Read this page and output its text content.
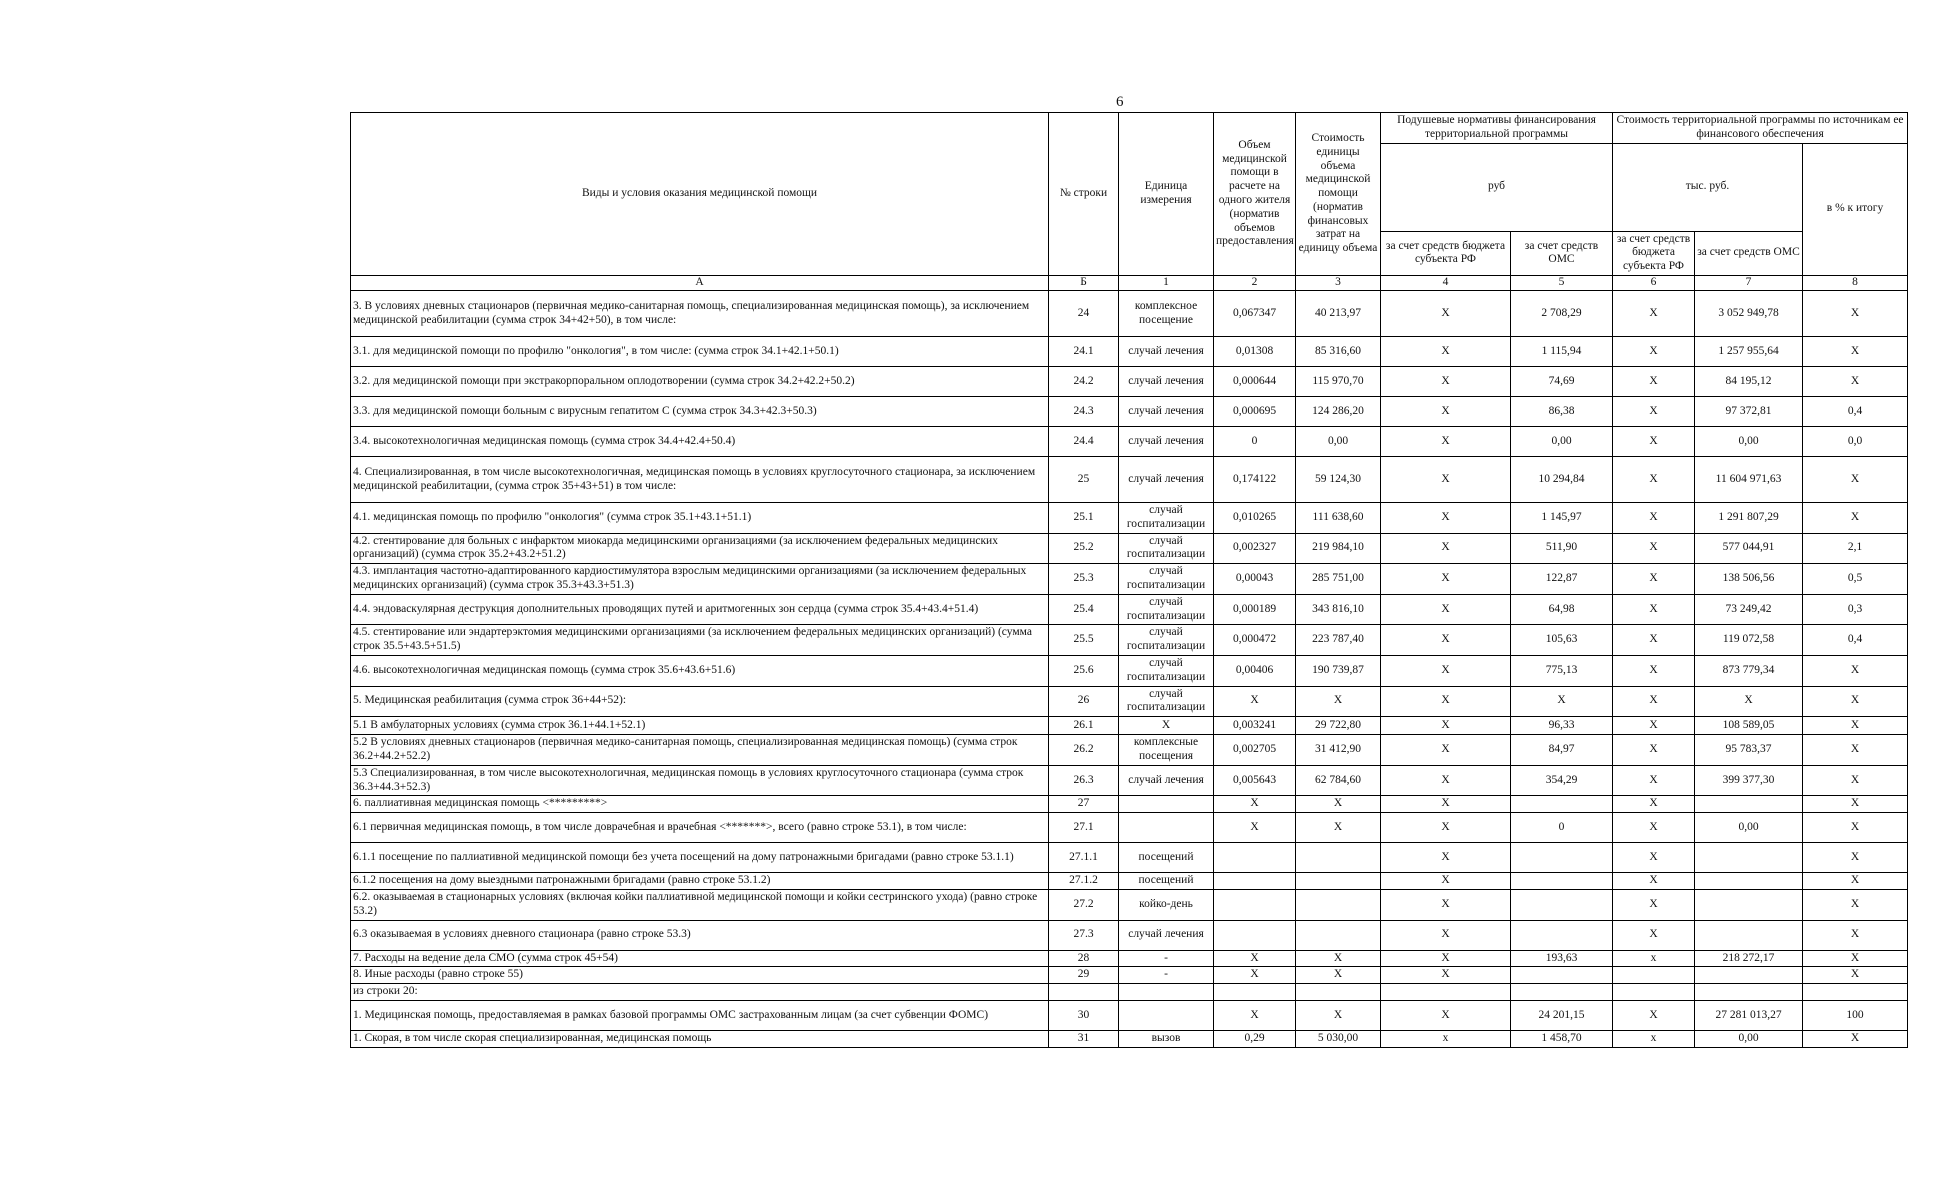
6
Виды и условия оказания медицинской помощи	№ строки	Единица измерения	Объем медицинской помощи в расчете на одного жителя (норматив объемов предоставления	Стоимость единицы объема медицинской помощи (норматив финансовых затрат на единицу объема	Подушевые нормативы финансирования территориальной программы		Стоимость территориальной программы по источникам ее финансового обеспечения		
					руб		тыс. руб.		в % к итогу
					за счет средств бюджета субъекта РФ	за счет средств ОМС	за счет средств бюджета субъекта РФ	за счет средств ОМС	
А	Б	1	2	3	4	5	6	7	8
3. В условиях дневных стационаров (первичная медико-санитарная помощь, специализированная медицинская помощь), за исключением медицинской реабилитации (сумма строк 34+42+50), в том числе:	24	комплексное посещение	0,067347	40 213,97	Х	2 708,29	Х	3 052 949,78	Х
3.1. для медицинской помощи по профилю "онкология", в том числе: (сумма строк 34.1+42.1+50.1)	24.1	случай лечения	0,01308	85 316,60	Х	1 115,94	Х	1 257 955,64	Х
3.2. для медицинской помощи при экстракорпоральном оплодотворении (сумма строк 34.2+42.2+50.2)	24.2	случай лечения	0,000644	115 970,70	Х	74,69	Х	84 195,12	Х
3.3. для медицинской помощи больным с вирусным гепатитом С (сумма строк 34.3+42.3+50.3)	24.3	случай лечения	0,000695	124 286,20	Х	86,38	Х	97 372,81	0,4
3.4. высокотехнологичная медицинская помощь (сумма строк 34.4+42.4+50.4)	24.4	случай лечения	0	0,00	Х	0,00	Х	0,00	0,0
4. Специализированная, в том числе высокотехнологичная, медицинская помощь в условиях круглосуточного стационара, за исключением медицинской реабилитации, (сумма строк 35+43+51) в том числе:	25	случай лечения	0,174122	59 124,30	Х	10 294,84	Х	11 604 971,63	Х
4.1. медицинская помощь по профилю "онкология" (сумма строк 35.1+43.1+51.1)	25.1	случай госпитализации	0,010265	111 638,60	Х	1 145,97	Х	1 291 807,29	Х
4.2. стентирование для больных с инфарктом миокарда медицинскими организациями (за исключением федеральных медицинских организаций) (сумма строк 35.2+43.2+51.2)	25.2	случай госпитализации	0,002327	219 984,10	Х	511,90	Х	577 044,91	2,1
4.3. имплантация частотно-адаптированного кардиостимулятора взрослым медицинскими организациями (за исключением федеральных медицинских организаций) (сумма строк 35.3+43.3+51.3)	25.3	случай госпитализации	0,00043	285 751,00	Х	122,87	Х	138 506,56	0,5
4.4. эндоваскулярная деструкция дополнительных проводящих путей и аритмогенных зон сердца (сумма строк 35.4+43.4+51.4)	25.4	случай госпитализации	0,000189	343 816,10	Х	64,98	Х	73 249,42	0,3
4.5. стентирование или эндартерэктомия медицинскими организациями (за исключением федеральных медицинских организаций) (сумма строк 35.5+43.5+51.5)	25.5	случай госпитализации	0,000472	223 787,40	Х	105,63	Х	119 072,58	0,4
4.6. высокотехнологичная медицинская помощь (сумма строк 35.6+43.6+51.6)	25.6	случай госпитализации	0,00406	190 739,87	Х	775,13	Х	873 779,34	Х
5. Медицинская реабилитация (сумма строк 36+44+52):	26	случай госпитализации	Х	Х	Х	Х	Х	Х	Х
5.1 В амбулаторных условиях (сумма строк 36.1+44.1+52.1)	26.1	Х	0,003241	29 722,80	Х	96,33	Х	108 589,05	Х
5.2 В условиях дневных стационаров (первичная медико-санитарная помощь, специализированная медицинская помощь) (сумма строк 36.2+44.2+52.2)	26.2	комплексные посещения	0,002705	31 412,90	Х	84,97	Х	95 783,37	Х
5.3 Специализированная, в том числе высокотехнологичная, медицинская помощь в условиях круглосуточного стационара (сумма строк 36.3+44.3+52.3)	26.3	случай лечения	0,005643	62 784,60	Х	354,29	Х	399 377,30	Х
6. паллиативная медицинская помощь <*********>	27		Х	Х	Х		Х		Х
6.1 первичная медицинская помощь, в том числе доврачебная и врачебная <*******>, всего (равно строке 53.1), в том числе:	27.1		Х	Х	Х	0	Х	0,00	Х
6.1.1 посещение по паллиативной медицинской помощи без учета посещений на дому патронажными бригадами (равно строке 53.1.1)	27.1.1	посещений			Х		Х		Х
6.1.2 посещения на дому выездными патронажными бригадами (равно строке 53.1.2)	27.1.2	посещений			Х		Х		Х
6.2. оказываемая в стационарных условиях (включая койки паллиативной медицинской помощи и койки сестринского ухода) (равно строке 53.2)	27.2	койко-день			Х		Х		Х
6.3 оказываемая в условиях дневного стационара (равно строке 53.3)	27.3	случай лечения			Х		Х		Х
7. Расходы на ведение дела СМО (сумма строк 45+54)	28	-	Х	Х	Х	193,63	х	218 272,17	Х
8. Иные расходы (равно строке 55)	29	-	Х	Х	Х				Х
из строки 20:									
1. Медицинская помощь, предоставляемая в рамках базовой программы ОМС застрахованным лицам (за счет субвенции ФОМС)	30		Х	Х	Х	24 201,15	Х	27 281 013,27	100
1. Скорая, в том числе скорая специализированная, медицинская помощь	31	вызов	0,29	5 030,00	х	1 458,70	х	0,00	Х
